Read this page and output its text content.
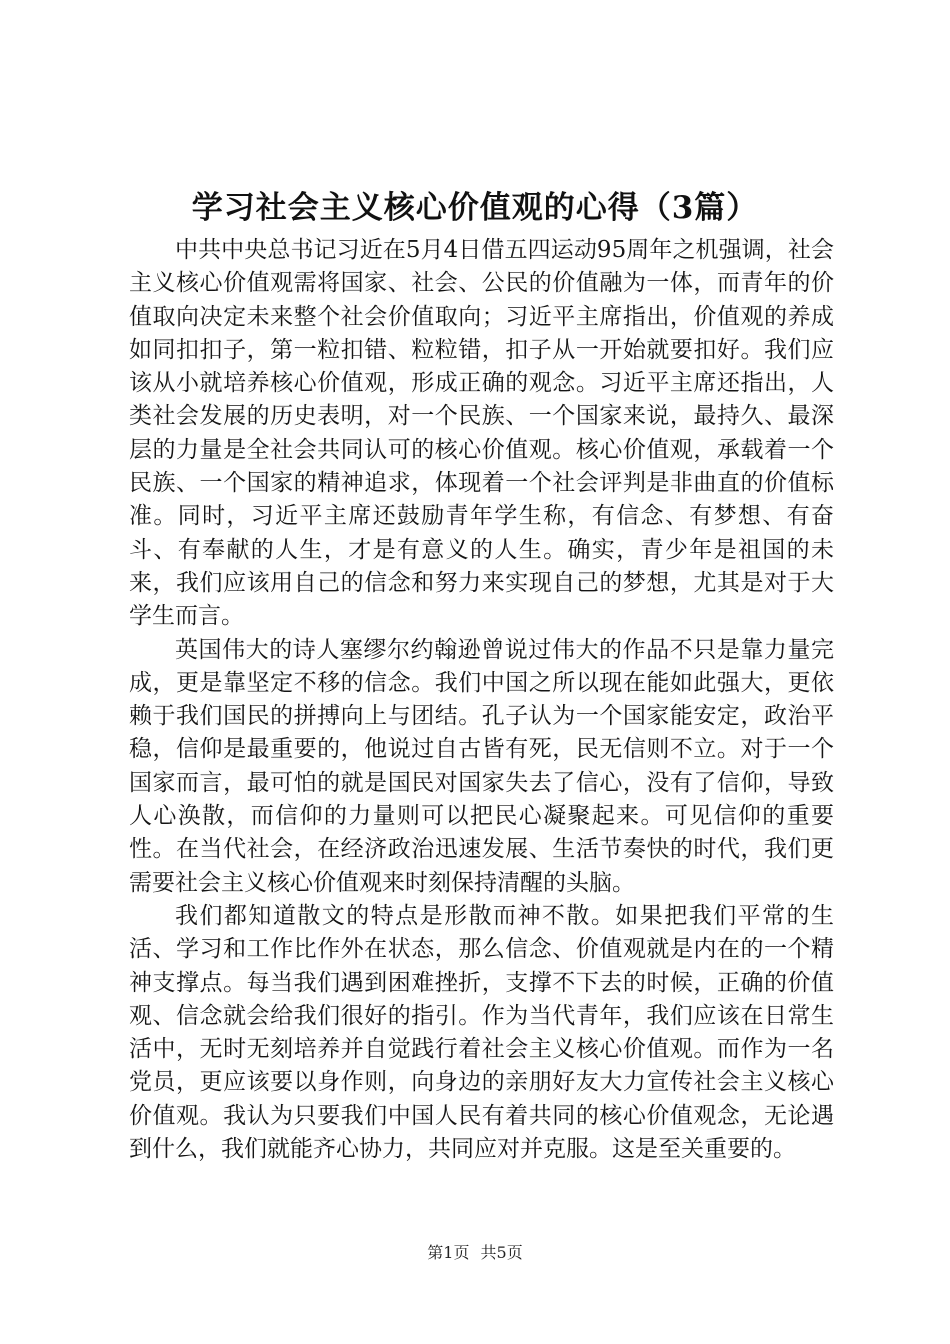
学习社会主义核心价值观的心得（3篇）

中共中央总书记习近在5月4日借五四运动95周年之机强调，社会主义核心价值观需将国家、社会、公民的价值融为一体，而青年的价值取向决定未来整个社会价值取向；习近平主席指出，价值观的养成如同扣扣子，第一粒扣错、粒粒错，扣子从一开始就要扣好。我们应该从小就培养核心价值观，形成正确的观念。习近平主席还指出，人类社会发展的历史表明，对一个民族、一个国家来说，最持久、最深层的力量是全社会共同认可的核心价值观。核心价值观，承载着一个民族、一个国家的精神追求，体现着一个社会评判是非曲直的价值标准。同时，习近平主席还鼓励青年学生称，有信念、有梦想、有奋斗、有奉献的人生，才是有意义的人生。确实，青少年是祖国的未来，我们应该用自己的信念和努力来实现自己的梦想，尤其是对于大学生而言。

英国伟大的诗人塞缪尔约翰逊曾说过伟大的作品不只是靠力量完成，更是靠坚定不移的信念。我们中国之所以现在能如此强大，更依赖于我们国民的拼搏向上与团结。孔子认为一个国家能安定，政治平稳，信仰是最重要的，他说过自古皆有死，民无信则不立。对于一个国家而言，最可怕的就是国民对国家失去了信心，没有了信仰，导致人心涣散，而信仰的力量则可以把民心凝聚起来。可见信仰的重要性。在当代社会，在经济政治迅速发展、生活节奏快的时代，我们更需要社会主义核心价值观来时刻保持清醒的头脑。

我们都知道散文的特点是形散而神不散。如果把我们平常的生活、学习和工作比作外在状态，那么信念、价值观就是内在的一个精神支撑点。每当我们遇到困难挫折，支撑不下去的时候，正确的价值观、信念就会给我们很好的指引。作为当代青年，我们应该在日常生活中，无时无刻培养并自觉践行着社会主义核心价值观。而作为一名党员，更应该要以身作则，向身边的亲朋好友大力宣传社会主义核心价值观。我认为只要我们中国人民有着共同的核心价值观念，无论遇到什么，我们就能齐心协力，共同应对并克服。这是至关重要的。

第1页 共5页
